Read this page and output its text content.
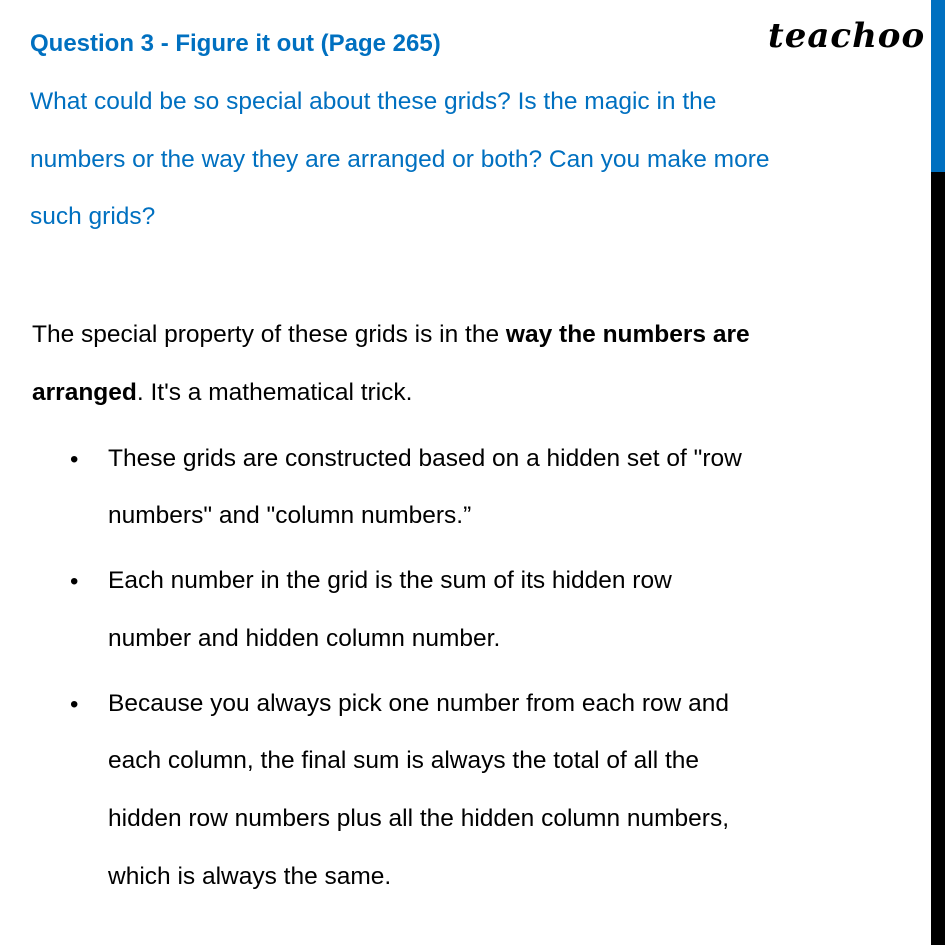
teachoo
Question 3 - Figure it out (Page 265)
What could be so special about these grids? Is the magic in the
numbers or the way they are arranged or both? Can you make more
such grids?
The special property of these grids is in the way the numbers are
arranged. It's a mathematical trick.
• These grids are constructed based on a hidden set of "row
numbers" and "column numbers.”
• Each number in the grid is the sum of its hidden row
number and hidden column number.
• Because you always pick one number from each row and
each column, the final sum is always the total of all the
hidden row numbers plus all the hidden column numbers,
which is always the same.
